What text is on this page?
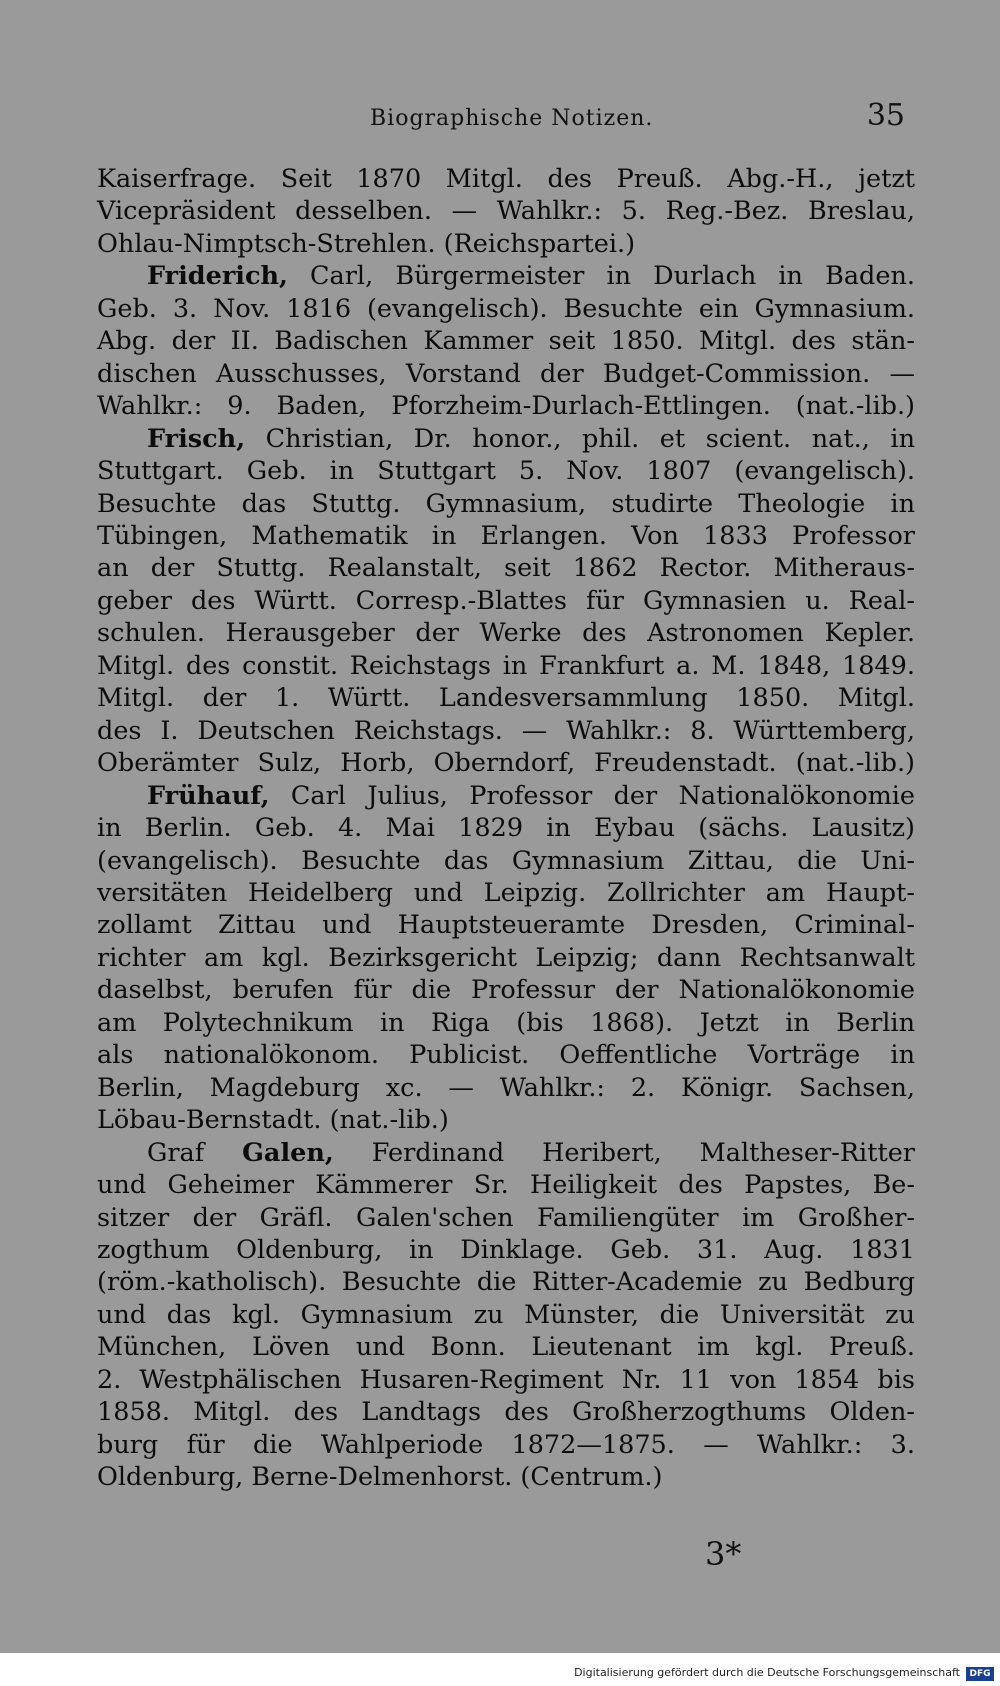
Biographische Notizen.	35
Kaiserfrage. Seit 1870 Mitgl. des Preuß. Abg.-H., jetzt
Vicepräsident desselben. — Wahlkr.: 5. Reg.-Bez. Breslau,
Ohlau-Nimptsch-Strehlen. (Reichspartei.)
Friderich, Carl, Bürgermeister in Durlach in Baden.
Geb. 3. Nov. 1816 (evangelisch). Besuchte ein Gymnasium.
Abg. der II. Badischen Kammer seit 1850. Mitgl. des stän-
dischen Ausschusses, Vorstand der Budget-Commission. —
Wahlkr.: 9. Baden, Pforzheim-Durlach-Ettlingen. (nat.-lib.)
Frisch, Christian, Dr. honor., phil. et scient. nat., in
Stuttgart. Geb. in Stuttgart 5. Nov. 1807 (evangelisch).
Besuchte das Stuttg. Gymnasium, studirte Theologie in
Tübingen, Mathematik in Erlangen. Von 1833 Professor
an der Stuttg. Realanstalt, seit 1862 Rector. Mitheraus-
geber des Württ. Corresp.-Blattes für Gymnasien u. Real-
schulen. Herausgeber der Werke des Astronomen Kepler.
Mitgl. des constit. Reichstags in Frankfurt a. M. 1848, 1849.
Mitgl. der 1. Württ. Landesversammlung 1850. Mitgl.
des I. Deutschen Reichstags. — Wahlkr.: 8. Württemberg,
Oberämter Sulz, Horb, Oberndorf, Freudenstadt. (nat.-lib.)
Frühauf, Carl Julius, Professor der Nationalökonomie
in Berlin. Geb. 4. Mai 1829 in Eybau (sächs. Lausitz)
(evangelisch). Besuchte das Gymnasium Zittau, die Uni-
versitäten Heidelberg und Leipzig. Zollrichter am Haupt-
zollamt Zittau und Hauptsteueramte Dresden, Criminal-
richter am kgl. Bezirksgericht Leipzig; dann Rechtsanwalt
daselbst, berufen für die Professur der Nationalökonomie
am Polytechnikum in Riga (bis 1868). Jetzt in Berlin
als nationalökonom. Publicist. Oeffentliche Vorträge in
Berlin, Magdeburg xc. — Wahlkr.: 2. Königr. Sachsen,
Löbau-Bernstadt. (nat.-lib.)
Graf Galen, Ferdinand Heribert, Maltheser-Ritter
und Geheimer Kämmerer Sr. Heiligkeit des Papstes, Be-
sitzer der Gräfl. Galen'schen Familiengüter im Großher-
zogthum Oldenburg, in Dinklage. Geb. 31. Aug. 1831
(röm.-katholisch). Besuchte die Ritter-Academie zu Bedburg
und das kgl. Gymnasium zu Münster, die Universität zu
München, Löven und Bonn. Lieutenant im kgl. Preuß.
2. Westphälischen Husaren-Regiment Nr. 11 von 1854 bis
1858. Mitgl. des Landtags des Großherzogthums Olden-
burg für die Wahlperiode 1872—1875. — Wahlkr.: 3.
Oldenburg, Berne-Delmenhorst. (Centrum.)
3*
Digitalisierung gefördert durch die Deutsche Forschungsgemeinschaft	DFG
